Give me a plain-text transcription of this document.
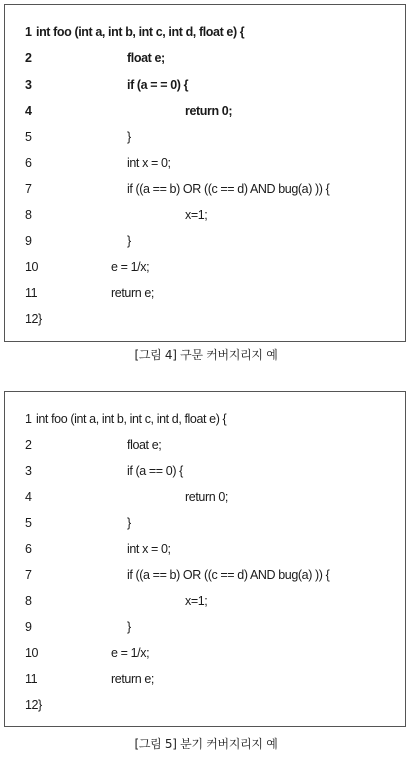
1 int foo (int a, int b, int c, int d, float e) {
2	float e;
3	if (a = = 0) {
4	return 0;
5	}
6	int x = 0;
7	if ((a == b) OR ((c == d) AND bug(a) )) {
8	x=1;
9	}
10	e = 1/x;
11	return e;
12 }
[그림 4] 구문 커버지리지 예
1 int foo (int a, int b, int c, int d, float e) {
2	float e;
3	if (a == 0) {
4	return 0;
5	}
6	int x = 0;
7	if ((a == b) OR ((c == d) AND bug(a) )) {
8	x=1;
9	}
10	e = 1/x;
11	return e;
12 }
[그림 5] 분기 커버지리지 예
